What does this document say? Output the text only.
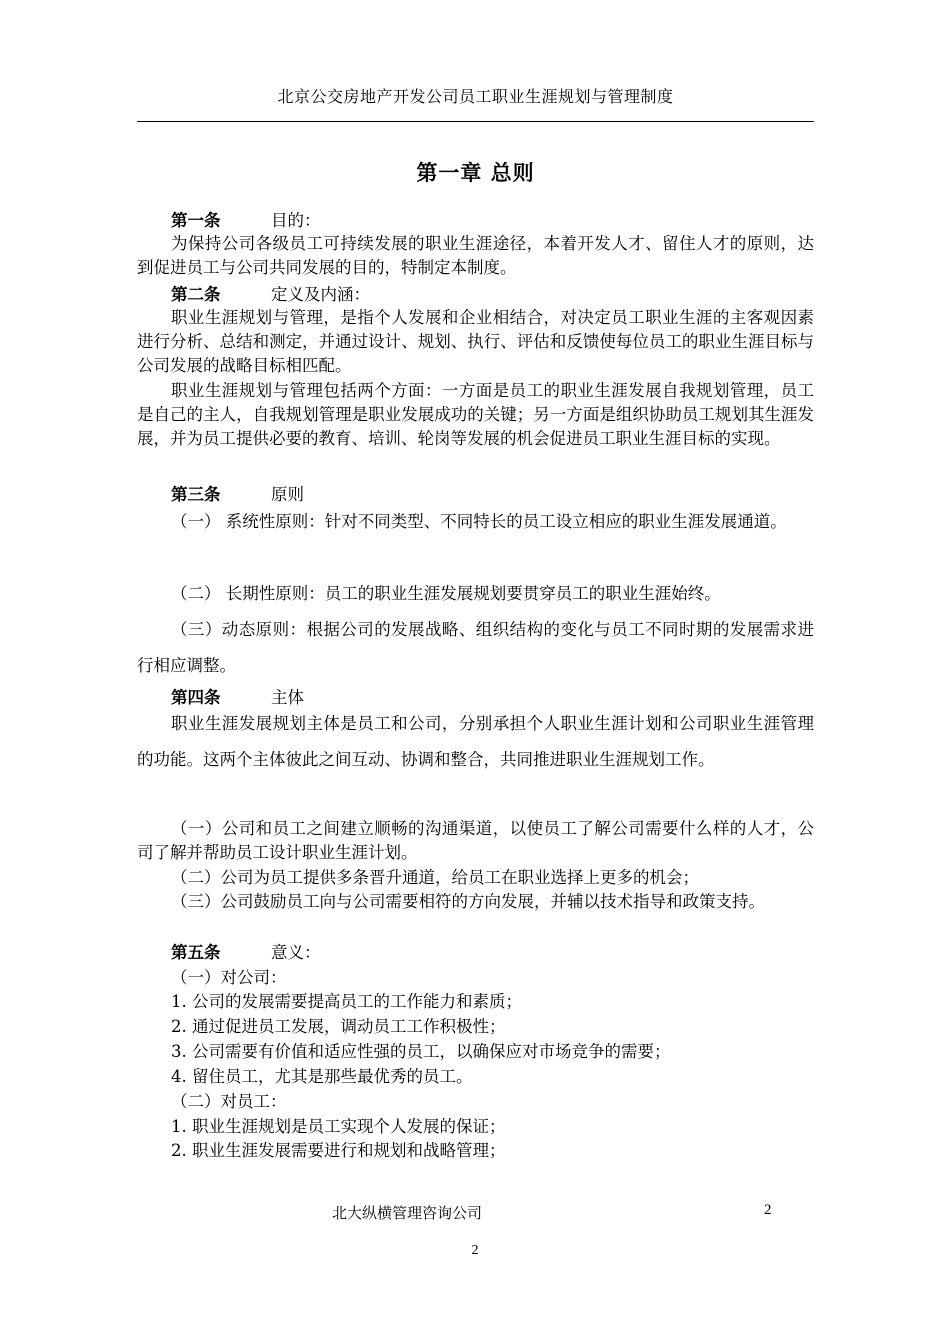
北京公交房地产开发公司员工职业生涯规划与管理制度
第一章 总则
第一条	目的：
为保持公司各级员工可持续发展的职业生涯途径，本着开发人才、留住人才的原则，达到促进员工与公司共同发展的目的，特制定本制度。
第二条	定义及内涵：
职业生涯规划与管理，是指个人发展和企业相结合，对决定员工职业生涯的主客观因素进行分析、总结和测定，并通过设计、规划、执行、评估和反馈使每位员工的职业生涯目标与公司发展的战略目标相匹配。
职业生涯规划与管理包括两个方面：一方面是员工的职业生涯发展自我规划管理，员工是自己的主人，自我规划管理是职业发展成功的关键；另一方面是组织协助员工规划其生涯发展，并为员工提供必要的教育、培训、轮岗等发展的机会促进员工职业生涯目标的实现。
第三条	原则
（一） 系统性原则：针对不同类型、不同特长的员工设立相应的职业生涯发展通道。
（二） 长期性原则：员工的职业生涯发展规划要贯穿员工的职业生涯始终。
（三）动态原则：根据公司的发展战略、组织结构的变化与员工不同时期的发展需求进行相应调整。
第四条	主体
职业生涯发展规划主体是员工和公司，分别承担个人职业生涯计划和公司职业生涯管理的功能。这两个主体彼此之间互动、协调和整合，共同推进职业生涯规划工作。
（一）公司和员工之间建立顺畅的沟通渠道，以使员工了解公司需要什么样的人才，公司了解并帮助员工设计职业生涯计划。
（二）公司为员工提供多条晋升通道，给员工在职业选择上更多的机会；
（三）公司鼓励员工向与公司需要相符的方向发展，并辅以技术指导和政策支持。
第五条	意义：
（一）对公司：
1. 公司的发展需要提高员工的工作能力和素质；
2. 通过促进员工发展，调动员工工作积极性；
3. 公司需要有价值和适应性强的员工，以确保应对市场竞争的需要；
4. 留住员工，尤其是那些最优秀的员工。
（二）对员工：
1. 职业生涯规划是员工实现个人发展的保证；
2. 职业生涯发展需要进行和规划和战略管理；
北大纵横管理咨询公司	2
2
